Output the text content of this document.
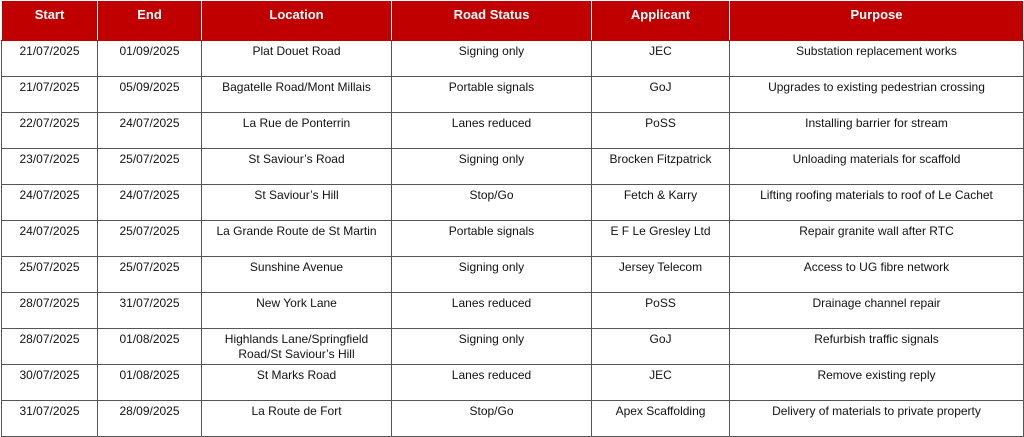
Start	End	Location	Road Status	Applicant	Purpose
21/07/2025	01/09/2025	Plat Douet Road	Signing only	JEC	Substation replacement works
21/07/2025	05/09/2025	Bagatelle Road/Mont Millais	Portable signals	GoJ	Upgrades to existing pedestrian crossing
22/07/2025	24/07/2025	La Rue de Ponterrin	Lanes reduced	PoSS	Installing barrier for stream
23/07/2025	25/07/2025	St Saviour’s Road	Signing only	Brocken Fitzpatrick	Unloading materials for scaffold
24/07/2025	24/07/2025	St Saviour’s Hill	Stop/Go	Fetch & Karry	Lifting roofing materials to roof of Le Cachet
24/07/2025	25/07/2025	La Grande Route de St Martin	Portable signals	E F Le Gresley Ltd	Repair granite wall after RTC
25/07/2025	25/07/2025	Sunshine Avenue	Signing only	Jersey Telecom	Access to UG fibre network
28/07/2025	31/07/2025	New York Lane	Lanes reduced	PoSS	Drainage channel repair
28/07/2025	01/08/2025	Highlands Lane/Springfield Road/St Saviour’s Hill	Signing only	GoJ	Refurbish traffic signals
30/07/2025	01/08/2025	St Marks Road	Lanes reduced	JEC	Remove existing reply
31/07/2025	28/09/2025	La Route de Fort	Stop/Go	Apex Scaffolding	Delivery of materials to private property
